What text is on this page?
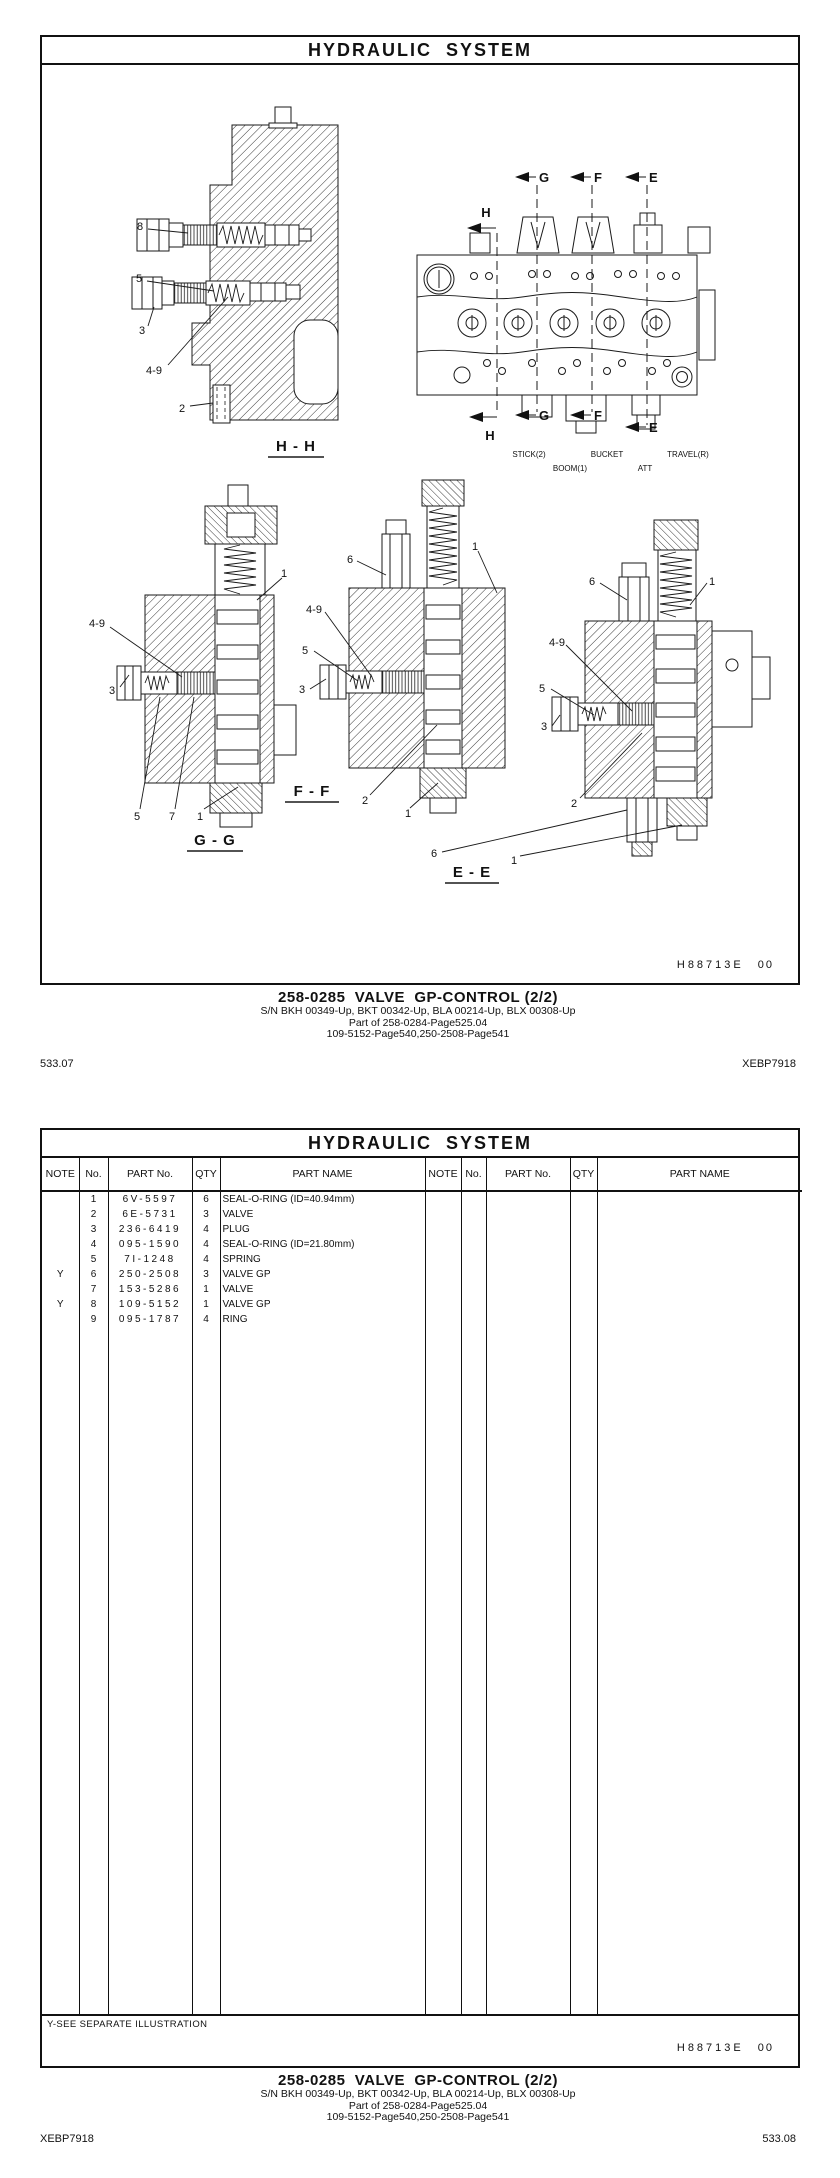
HYDRAULIC  SYSTEM
8
5
3
4-9
2
H - H
G	F	E
H
G	F
E
H
STICK(2)	BUCKET	TRAVEL(R)
BOOM(1)	ATT
1
4-9
3
5	7 1
G - G
6
1
4-9
5
3
2
1
F - F
6	1
4-9
5
3
2
6
1
E - E
H88713E 00
258-0285  VALVE  GP-CONTROL (2/2)
S/N BKH 00349-Up, BKT 00342-Up, BLA 00214-Up, BLX 00308-Up
Part of 258-0284-Page525.04
109-5152-Page540,250-2508-Page541
533.07	XEBP7918
HYDRAULIC  SYSTEM
NOTE	No.	PART No.	QTY	PART NAME	NOTE	No.	PART No.	QTY	PART NAME
	1	6V-5597	6	SEAL-O-RING (ID=40.94mm)					
	2	6E-5731	3	VALVE					
	3	236-6419	4	PLUG					
	4	095-1590	4	SEAL-O-RING (ID=21.80mm)					
	5	7I-1248	4	SPRING					
Y	6	250-2508	3	VALVE GP					
	7	153-5286	1	VALVE					
Y	8	109-5152	1	VALVE GP					
	9	095-1787	4	RING					

Y-SEE SEPARATE ILLUSTRATION
H88713E 00
258-0285  VALVE  GP-CONTROL (2/2)
S/N BKH 00349-Up, BKT 00342-Up, BLA 00214-Up, BLX 00308-Up
Part of 258-0284-Page525.04
109-5152-Page540,250-2508-Page541
XEBP7918	533.08
